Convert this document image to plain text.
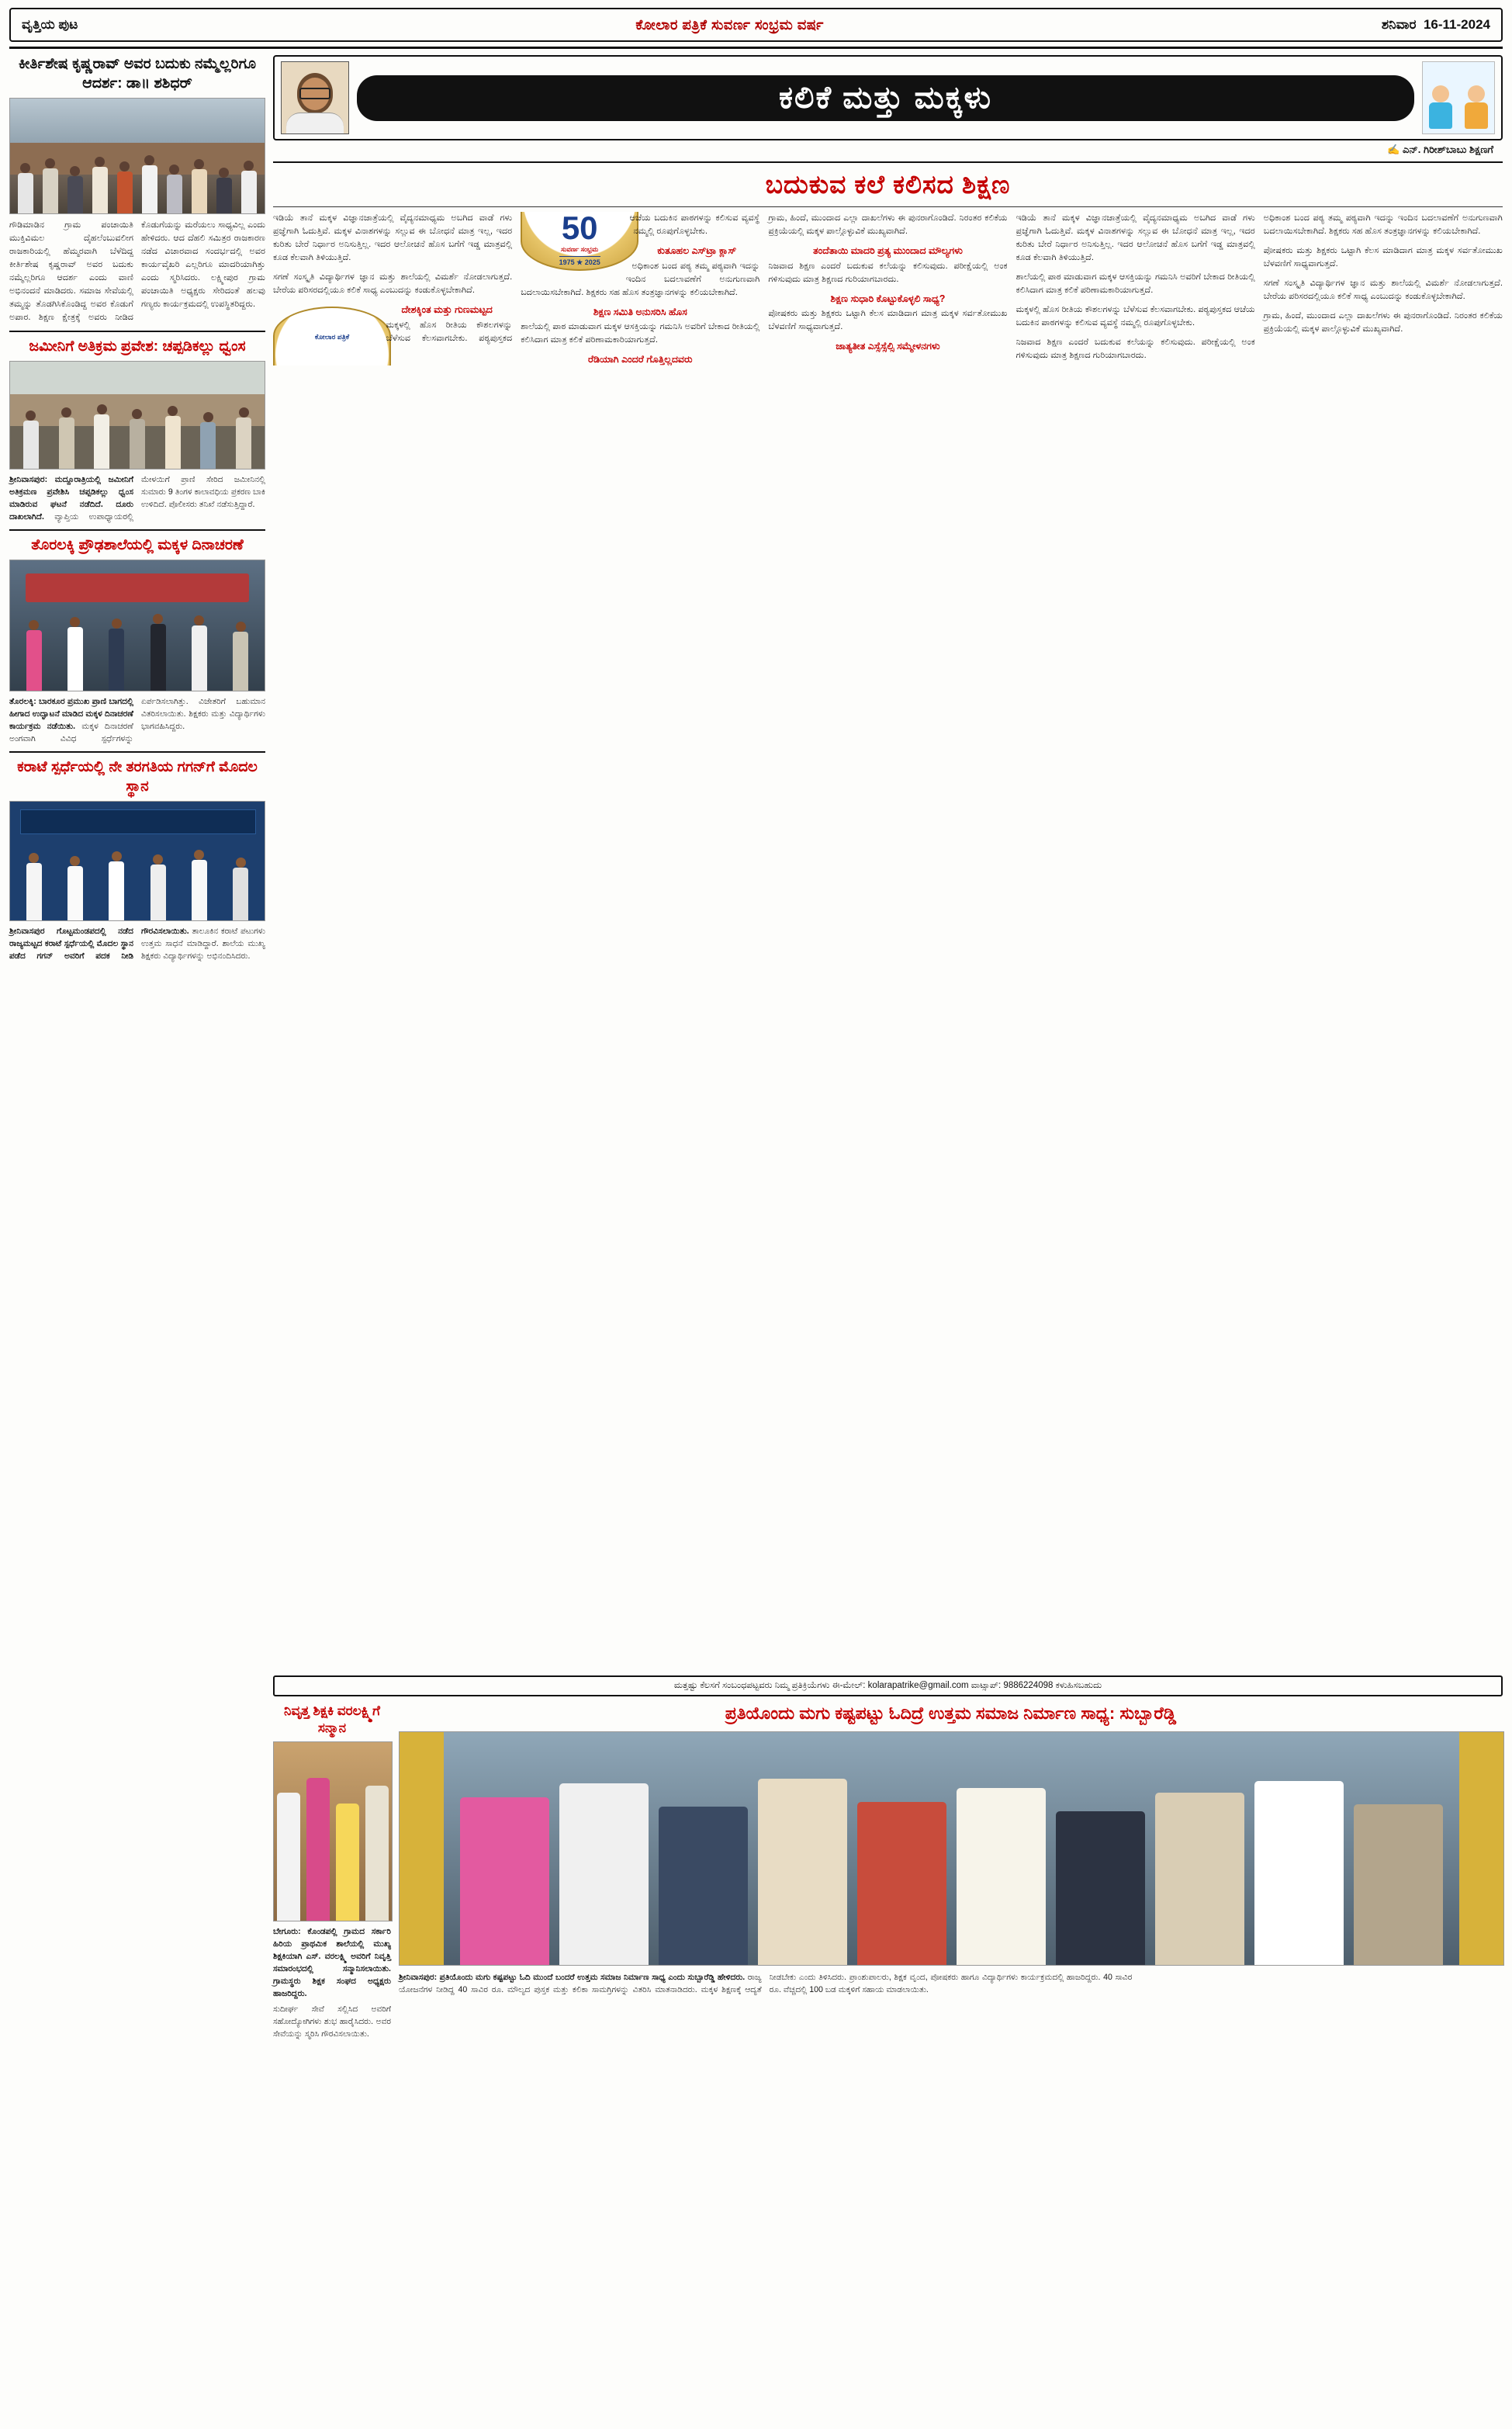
ವೃತ್ತಿಯ ಪುಟ	ಕೋಲಾರ ಪತ್ರಿಕೆ ಸುವರ್ಣ ಸಂಭ್ರಮ ವರ್ಷ	ಶನಿವಾರ 16-11-2024
ಕೀರ್ತಿಶೇಷ ಕೃಷ್ಣರಾವ್ ಅವರ ಬದುಕು ನಮ್ಮೆಲ್ಲರಿಗೂ ಆದರ್ಶ: ಡಾ॥ ಶಶಿಧರ್
ಗೌಡಿಮಾಡಿನ ಗ್ರಾಮ ಪಂಚಾಯಿತಿ ಮುಕ್ತಿವಿಮಲ ದೈಹಲೆಂಬುವಲೀಗ ರಾಜಕಾರಿಯಲ್ಲಿ ಹೆಮ್ಮರವಾಗಿ ಬೆಳೆದಿದ್ದ ಕೀರ್ತಿಶೇಷ ಕೃಷ್ಣರಾವ್ ಅವರ ಬದುಕು ನಮ್ಮೆಲ್ಲರಿಗೂ ಆದರ್ಶ ಎಂದು ವಾಣಿ ಅಭಿನಂದನೆ ಮಾಡಿದರು. ಸಮಾಜ ಸೇವೆಯಲ್ಲಿ ತಮ್ಮನ್ನು ತೊಡಗಿಸಿಕೊಂಡಿದ್ದ ಅವರ ಕೊಡುಗೆ ಅಪಾರ. ಶಿಕ್ಷಣ ಕ್ಷೇತ್ರಕ್ಕೆ ಅವರು ನೀಡಿದ ಕೊಡುಗೆಯನ್ನು ಮರೆಯಲು ಸಾಧ್ಯವಿಲ್ಲ ಎಂದು ಹೇಳಿದರು. ಆದ ದೆಹಲಿ ಸಮಿತ್ರರ ರಾಜಕಾರಣ ನಡೆದ ವಿಚಾರವಾದ ಸಂದರ್ಭದಲ್ಲಿ ಅವರ ಕಾರ್ಯವೈಖರಿ ಎಲ್ಲರಿಗೂ ಮಾದರಿಯಾಗಿತ್ತು ಎಂದು ಸ್ಮರಿಸಿದರು. ಲಕ್ಷ್ಮೀಪುರ ಗ್ರಾಮ ಪಂಚಾಯಿತಿ ಅಧ್ಯಕ್ಷರು ಸೇರಿದಂತೆ ಹಲವು ಗಣ್ಯರು ಕಾರ್ಯಕ್ರಮದಲ್ಲಿ ಉಪಸ್ಥಿತರಿದ್ದರು.
ಜಮೀನಿಗೆ ಅತಿಕ್ರಮ ಪ್ರವೇಶ: ಚಪ್ಪಡಿಕಲ್ಲು ಧ್ವಂಸ
ಶ್ರೀನಿವಾಸಪುರ: ಮದ್ದೂರಾತ್ರಿಯಲ್ಲಿ ಜಮೀನಿಗೆ ಅತಿಕ್ರಮಣ ಪ್ರವೇಶಿಸಿ ಚಪ್ಪಡಿಕಲ್ಲು ಧ್ವಂಸ ಮಾಡಿರುವ ಘಟನೆ ನಡೆದಿದೆ. ದೂರು ದಾಖಲಾಗಿದೆ. ವ್ಯಾಪ್ತಿಯ ಉಪಾಧ್ಯಾಯರಲ್ಲಿ ಮೇಳಯಿಗೆ ಪ್ರಾಣಿ ಸೇರಿದ ಜಮೀನಿನಲ್ಲಿ ಸುಮಾರು 9 ತಿಂಗಳ ಕಾಲಾವಧಿಯ ಪ್ರಕರಣ ಬಾಕಿ ಉಳಿದಿದೆ. ಪೊಲೀಸರು ತನಿಖೆ ನಡೆಸುತ್ತಿದ್ದಾರೆ.
ತೊರಲಕ್ಕಿ ಪ್ರೌಢಶಾಲೆಯಲ್ಲಿ ಮಕ್ಕಳ ದಿನಾಚರಣೆ
ತೊರಲಕ್ಕಿ: ಬಾರಕೂರ ಪ್ರಮುಖ ಪ್ರಾಣಿ ಬಾಗದಲ್ಲಿ ಹೀಗಾದ ಉದ್ಘಾಟನೆ ಮಾಡಿದ ಮಕ್ಕಳ ದಿನಾಚರಣೆ ಕಾರ್ಯಕ್ರಮ ನಡೆಯಿತು. ಮಕ್ಕಳ ದಿನಾಚರಣೆ ಅಂಗವಾಗಿ ವಿವಿಧ ಸ್ಪರ್ಧೆಗಳನ್ನು ಏರ್ಪಡಿಸಲಾಗಿತ್ತು. ವಿಜೇತರಿಗೆ ಬಹುಮಾನ ವಿತರಿಸಲಾಯಿತು. ಶಿಕ್ಷಕರು ಮತ್ತು ವಿದ್ಯಾರ್ಥಿಗಳು ಭಾಗವಹಿಸಿದ್ದರು.
ಕರಾಟೆ ಸ್ಪರ್ಧೆಯಲ್ಲಿ ನೇ ತರಗತಿಯ ಗಗನ್‌ಗೆ ಮೊದಲ ಸ್ಥಾನ
ಶ್ರೀನಿವಾಸಪುರ ಗೊಟ್ಟಮಂಡಪದಲ್ಲಿ ನಡೆದ ರಾಜ್ಯಮಟ್ಟದ ಕರಾಟೆ ಸ್ಪರ್ಧೆಯಲ್ಲಿ ಮೊದಲ ಸ್ಥಾನ ಪಡೆದ ಗಗನ್ ಅವರಿಗೆ ಪದಕ ನೀಡಿ ಗೌರವಿಸಲಾಯಿತು. ತಾಲೂಕಿನ ಕರಾಟೆ ಪಟುಗಳು ಉತ್ತಮ ಸಾಧನೆ ಮಾಡಿದ್ದಾರೆ. ಶಾಲೆಯ ಮುಖ್ಯ ಶಿಕ್ಷಕರು ವಿದ್ಯಾರ್ಥಿಗಳನ್ನು ಅಭಿನಂದಿಸಿದರು.
ಕಲಿಕೆ ಮತ್ತು ಮಕ್ಕಳು
✍ ಎನ್. ಗಿರೀಶ್‌ಬಾಬು ಶಿಕ್ಷಣಗೆ
ಬದುಕುವ ಕಲೆ ಕಲಿಸದ ಶಿಕ್ಷಣ

ಇಡಿಯೆ ತಾನೆ ಮಕ್ಕಳ ವಿಜ್ಞಾನಜಾತ್ರೆಯಲ್ಲಿ ವೈದ್ಯನಮಾಧ್ಯಮ ಅಬಗಿದ ವಾಡೆ ಗಳು ಪ್ರಜ್ಞೆಗಾಗಿ ಓದುತ್ತಿವೆ. ಮಕ್ಕಳ ವಿನಾಶಗಳನ್ನು ಸಲ್ಲುವ ಈ ಬೋಧನೆ ಮಾತ್ರ ಇಲ್ಲ, ಇದರ ಕುರಿತು ಬೇರೆ ನಿರ್ಧಾರ ಅನಿಸುತ್ತಿಲ್ಲ. ಇದರ ಆಲೋಚನೆ ಹೊಸ ಬಗೆಗೆ ಇಡ್ಡ ಮಾತ್ರವಲ್ಲಿ ಕೂಡ ಕೆಲವಾಗಿ ತಿಳಿಯುತ್ತಿದೆ.

ಸಗಣೆ ಸಂಸ್ಕೃತಿ ವಿದ್ಯಾರ್ಥಿಗಳ ಜ್ಞಾನ ಮತ್ತು ಶಾಲೆಯಲ್ಲಿ ವಿಮರ್ಶೆ ನೋಡಲಾಗುತ್ತದೆ. ಬೇರೆಯ ಪರಿಸರದಲ್ಲಿಯೂ ಕಲಿಕೆ ಸಾಧ್ಯ ಎಂಬುದನ್ನು ಕಂಡುಕೊಳ್ಳಬೇಕಾಗಿದೆ.

ಕೋಲಾರ ಪತ್ರಿಕೆ
50
ಸುವರ್ಣ ಸಂಭ್ರಮ
1975 ★ 2025
ದೇಶಕ್ಕಿಂತ ಮತ್ತು ಗುಣಮಟ್ಟದ

ಮಕ್ಕಳಲ್ಲಿ ಹೊಸ ರೀತಿಯ ಕೌಶಲಗಳನ್ನು ಬೆಳೆಸುವ ಕೆಲಸವಾಗಬೇಕು. ಪಠ್ಯಪುಸ್ತಕದ ಆಚೆಯ ಬದುಕಿನ ಪಾಠಗಳನ್ನು ಕಲಿಸುವ ವ್ಯವಸ್ಥೆ ನಮ್ಮಲ್ಲಿ ರೂಪುಗೊಳ್ಳಬೇಕು.

ಕುತೂಹಲ ಎಸ್‌ಟ್ರಾ ಕ್ಲಾಸ್

ಅಧಿಕಾಂಶ ಬಂದ ಪಠ್ಯ ತಮ್ಮ ಪಠ್ಯವಾಗಿ ಇದನ್ನು ಇಂದಿನ ಬದಲಾವಣೆಗೆ ಅನುಗುಣವಾಗಿ ಬದಲಾಯಿಸಬೇಕಾಗಿದೆ. ಶಿಕ್ಷಕರು ಸಹ ಹೊಸ ತಂತ್ರಜ್ಞಾನಗಳನ್ನು ಕಲಿಯಬೇಕಾಗಿದೆ.

ಶಿಕ್ಷಣ ಸಮಿತಿ ಅನುಸರಿಸಿ ಹೊಸ

ಶಾಲೆಯಲ್ಲಿ ಪಾಠ ಮಾಡುವಾಗ ಮಕ್ಕಳ ಆಸಕ್ತಿಯನ್ನು ಗಮನಿಸಿ ಅವರಿಗೆ ಬೇಕಾದ ರೀತಿಯಲ್ಲಿ ಕಲಿಸಿದಾಗ ಮಾತ್ರ ಕಲಿಕೆ ಪರಿಣಾಮಕಾರಿಯಾಗುತ್ತದೆ.

ರೆಡಿಯಾಗಿ ಎಂದರೆ ಗೊತ್ತಿಲ್ಲದವರು

ಗ್ರಾಮ, ಹಿಂದೆ, ಮುಂದಾದ ಎಲ್ಲಾ ದಾಖಲೆಗಳು ಈ ಪುನರಾಗೊಂಡಿದೆ. ನಿರಂತರ ಕಲಿಕೆಯ ಪ್ರಕ್ರಿಯೆಯಲ್ಲಿ ಮಕ್ಕಳ ಪಾಲ್ಗೊಳ್ಳುವಿಕೆ ಮುಖ್ಯವಾಗಿದೆ.

ತಂದೆತಾಯಿ ಮಾದರಿ ಪ್ರತ್ಯ ಮುಂದಾದ ಮೌಲ್ಯಗಳು

ನಿಜವಾದ ಶಿಕ್ಷಣ ಎಂದರೆ ಬದುಕುವ ಕಲೆಯನ್ನು ಕಲಿಸುವುದು. ಪರೀಕ್ಷೆಯಲ್ಲಿ ಅಂಕ ಗಳಿಸುವುದು ಮಾತ್ರ ಶಿಕ್ಷಣದ ಗುರಿಯಾಗಬಾರದು.

ಶಿಕ್ಷಣ ಸುಧಾರಿ ಕೊಟ್ಟುಕೊಳ್ಳಲಿ ಸಾಧ್ಯ?

ಪೋಷಕರು ಮತ್ತು ಶಿಕ್ಷಕರು ಒಟ್ಟಾಗಿ ಕೆಲಸ ಮಾಡಿದಾಗ ಮಾತ್ರ ಮಕ್ಕಳ ಸರ್ವತೋಮುಖ ಬೆಳವಣಿಗೆ ಸಾಧ್ಯವಾಗುತ್ತದೆ.

ಜಾತ್ಯತೀತ ಎಸ್ಸೆಸ್ಸೆಲ್ಸಿ ಸಮ್ಮೇಳನಗಳು

ಇಡಿಯೆ ತಾನೆ ಮಕ್ಕಳ ವಿಜ್ಞಾನಜಾತ್ರೆಯಲ್ಲಿ ವೈದ್ಯನಮಾಧ್ಯಮ ಅಬಗಿದ ವಾಡೆ ಗಳು ಪ್ರಜ್ಞೆಗಾಗಿ ಓದುತ್ತಿವೆ. ಮಕ್ಕಳ ವಿನಾಶಗಳನ್ನು ಸಲ್ಲುವ ಈ ಬೋಧನೆ ಮಾತ್ರ ಇಲ್ಲ, ಇದರ ಕುರಿತು ಬೇರೆ ನಿರ್ಧಾರ ಅನಿಸುತ್ತಿಲ್ಲ. ಇದರ ಆಲೋಚನೆ ಹೊಸ ಬಗೆಗೆ ಇಡ್ಡ ಮಾತ್ರವಲ್ಲಿ ಕೂಡ ಕೆಲವಾಗಿ ತಿಳಿಯುತ್ತಿದೆ.

ಶಾಲೆಯಲ್ಲಿ ಪಾಠ ಮಾಡುವಾಗ ಮಕ್ಕಳ ಆಸಕ್ತಿಯನ್ನು ಗಮನಿಸಿ ಅವರಿಗೆ ಬೇಕಾದ ರೀತಿಯಲ್ಲಿ ಕಲಿಸಿದಾಗ ಮಾತ್ರ ಕಲಿಕೆ ಪರಿಣಾಮಕಾರಿಯಾಗುತ್ತದೆ.

ಮಕ್ಕಳಲ್ಲಿ ಹೊಸ ರೀತಿಯ ಕೌಶಲಗಳನ್ನು ಬೆಳೆಸುವ ಕೆಲಸವಾಗಬೇಕು. ಪಠ್ಯಪುಸ್ತಕದ ಆಚೆಯ ಬದುಕಿನ ಪಾಠಗಳನ್ನು ಕಲಿಸುವ ವ್ಯವಸ್ಥೆ ನಮ್ಮಲ್ಲಿ ರೂಪುಗೊಳ್ಳಬೇಕು.

ನಿಜವಾದ ಶಿಕ್ಷಣ ಎಂದರೆ ಬದುಕುವ ಕಲೆಯನ್ನು ಕಲಿಸುವುದು. ಪರೀಕ್ಷೆಯಲ್ಲಿ ಅಂಕ ಗಳಿಸುವುದು ಮಾತ್ರ ಶಿಕ್ಷಣದ ಗುರಿಯಾಗಬಾರದು.

ಅಧಿಕಾಂಶ ಬಂದ ಪಠ್ಯ ತಮ್ಮ ಪಠ್ಯವಾಗಿ ಇದನ್ನು ಇಂದಿನ ಬದಲಾವಣೆಗೆ ಅನುಗುಣವಾಗಿ ಬದಲಾಯಿಸಬೇಕಾಗಿದೆ. ಶಿಕ್ಷಕರು ಸಹ ಹೊಸ ತಂತ್ರಜ್ಞಾನಗಳನ್ನು ಕಲಿಯಬೇಕಾಗಿದೆ.

ಪೋಷಕರು ಮತ್ತು ಶಿಕ್ಷಕರು ಒಟ್ಟಾಗಿ ಕೆಲಸ ಮಾಡಿದಾಗ ಮಾತ್ರ ಮಕ್ಕಳ ಸರ್ವತೋಮುಖ ಬೆಳವಣಿಗೆ ಸಾಧ್ಯವಾಗುತ್ತದೆ.

ಸಗಣೆ ಸಂಸ್ಕೃತಿ ವಿದ್ಯಾರ್ಥಿಗಳ ಜ್ಞಾನ ಮತ್ತು ಶಾಲೆಯಲ್ಲಿ ವಿಮರ್ಶೆ ನೋಡಲಾಗುತ್ತದೆ. ಬೇರೆಯ ಪರಿಸರದಲ್ಲಿಯೂ ಕಲಿಕೆ ಸಾಧ್ಯ ಎಂಬುದನ್ನು ಕಂಡುಕೊಳ್ಳಬೇಕಾಗಿದೆ.

ಗ್ರಾಮ, ಹಿಂದೆ, ಮುಂದಾದ ಎಲ್ಲಾ ದಾಖಲೆಗಳು ಈ ಪುನರಾಗೊಂಡಿದೆ. ನಿರಂತರ ಕಲಿಕೆಯ ಪ್ರಕ್ರಿಯೆಯಲ್ಲಿ ಮಕ್ಕಳ ಪಾಲ್ಗೊಳ್ಳುವಿಕೆ ಮುಖ್ಯವಾಗಿದೆ.

ಮತ್ತಷ್ಟು ಕೆಲಸಗೆ ಸಂಬಂಧಪಟ್ಟವರು ನಿಮ್ಮ ಪ್ರತಿಕ್ರಿಯೆಗಳು ಈ-ಮೇಲ್: kolarapatrike@gmail.com ವಾಟ್ಸಾಪ್: 9886224098 ಕಳುಹಿಸಬಹುದು
ನಿವೃತ್ತ ಶಿಕ್ಷಕಿ ವರಲಕ್ಷ್ಮಿಗೆ ಸನ್ಮಾನ
ಬೇಗೂರು: ಕೊಂಡಪಲ್ಲಿ ಗ್ರಾಮದ ಸರ್ಕಾರಿ ಹಿರಿಯ ಪ್ರಾಥಮಿಕ ಶಾಲೆಯಲ್ಲಿ ಮುಖ್ಯ ಶಿಕ್ಷಕಿಯಾಗಿ ಎಸ್. ವರಲಕ್ಷ್ಮಿ ಅವರಿಗೆ ನಿವೃತ್ತಿ ಸಮಾರಂಭದಲ್ಲಿ ಸನ್ಮಾನಿಸಲಾಯಿತು. ಗ್ರಾಮಸ್ಥರು ಶಿಕ್ಷಕ ಸಂಘದ ಅಧ್ಯಕ್ಷರು ಹಾಜರಿದ್ದರು.
ಸುದೀರ್ಘ ಸೇವೆ ಸಲ್ಲಿಸಿದ ಅವರಿಗೆ ಸಹೋದ್ಯೋಗಿಗಳು ಶುಭ ಹಾರೈಸಿದರು. ಅವರ ಸೇವೆಯನ್ನು ಸ್ಮರಿಸಿ ಗೌರವಿಸಲಾಯಿತು.
ಪ್ರತಿಯೊಂದು ಮಗು ಕಷ್ಟಪಟ್ಟು ಓದಿದ್ರೆ ಉತ್ತಮ ಸಮಾಜ ನಿರ್ಮಾಣ ಸಾಧ್ಯ: ಸುಬ್ಬಾರೆಡ್ಡಿ
ಶ್ರೀನಿವಾಸಪುರ: ಪ್ರತಿಯೊಂದು ಮಗು ಕಷ್ಟಪಟ್ಟು ಓದಿ ಮುಂದೆ ಬಂದರೆ ಉತ್ತಮ ಸಮಾಜ ನಿರ್ಮಾಣ ಸಾಧ್ಯ ಎಂದು ಸುಬ್ಬಾರೆಡ್ಡಿ ಹೇಳಿದರು. ರಾಜ್ಯ ಯೋಜನೆಗಳ ನೀಡಿದ್ದ 40 ಸಾವಿರ ರೂ. ಮೌಲ್ಯದ ಪುಸ್ತಕ ಮತ್ತು ಕಲಿಕಾ ಸಾಮಗ್ರಿಗಳನ್ನು ವಿತರಿಸಿ ಮಾತನಾಡಿದರು. ಮಕ್ಕಳ ಶಿಕ್ಷಣಕ್ಕೆ ಆದ್ಯತೆ ನೀಡಬೇಕು ಎಂದು ತಿಳಿಸಿದರು. ಪ್ರಾಂಶುಪಾಲರು, ಶಿಕ್ಷಕ ವೃಂದ, ಪೋಷಕರು ಹಾಗೂ ವಿದ್ಯಾರ್ಥಿಗಳು ಕಾರ್ಯಕ್ರಮದಲ್ಲಿ ಹಾಜರಿದ್ದರು. 40 ಸಾವಿರ ರೂ. ವೆಚ್ಚದಲ್ಲಿ 100 ಬಡ ಮಕ್ಕಳಿಗೆ ಸಹಾಯ ಮಾಡಲಾಯಿತು.
